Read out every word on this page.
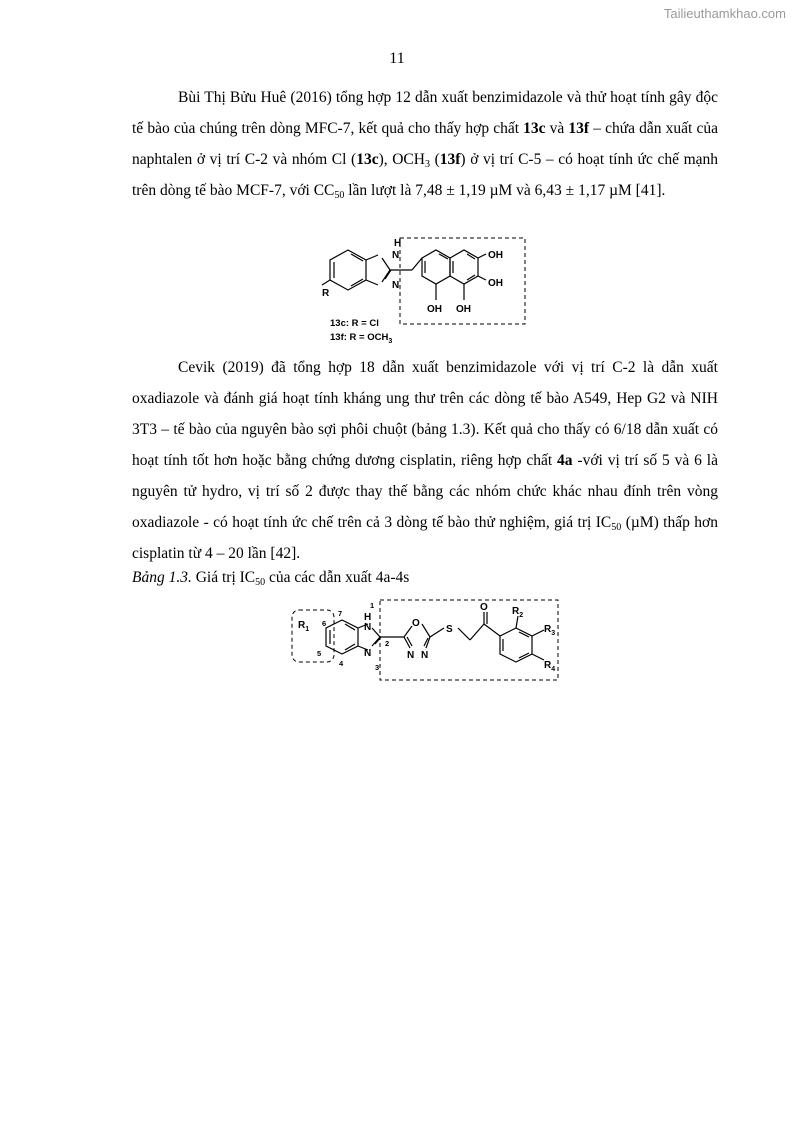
Tailieuthamkhao.com
11

Bùi Thị Bửu Huê (2016) tổng hợp 12 dẫn xuất benzimidazole và thử hoạt tính gây độc tế bào của chúng trên dòng MFC-7, kết quả cho thấy hợp chất 13c và 13f – chứa dẫn xuất của naphtalen ở vị trí C-2 và nhóm Cl (13c), $OCH_3$ (13f) ở vị trí C-5 – có hoạt tính ức chế mạnh trên dòng tế bào MCF-7, với $CC_{50}$ lần lượt là 7,48 ± 1,19 µM và 6,43 ± 1,17 µM [41].

H
N
N
R
OH
OH
OH OH
13c: R = Cl
13f: $R = OCH_3$

Cevik (2019) đã tổng hợp 18 dẫn xuất benzimidazole với vị trí C-2 là dẫn xuất oxadiazole và đánh giá hoạt tính kháng ung thư trên các dòng tế bào A549, Hep G2 và NIH 3T3 – tế bào của nguyên bào sợi phôi chuột (bảng 1.3). Kết quả cho thấy có 6/18 dẫn xuất có hoạt tính tốt hơn hoặc bằng chứng dương cisplatin, riêng hợp chất 4a -với vị trí số 5 và 6 là nguyên tử hydro, vị trí số 2 được thay thế bằng các nhóm chức khác nhau đính trên vòng oxadiazole - có hoạt tính ức chế trên cả 3 dòng tế bào thử nghiệm, giá trị $IC_{50}$ (µM) thấp hơn cisplatin từ 4 – 20 lần [42].

Bảng 1.3. Giá trị $IC_{50}$ của các dẫn xuất 4a-4s
$R_1$
6
7
5
4
1
2
3
H
N
N
O
N N
S
O $R_2$
$R_3$
$R_4$
